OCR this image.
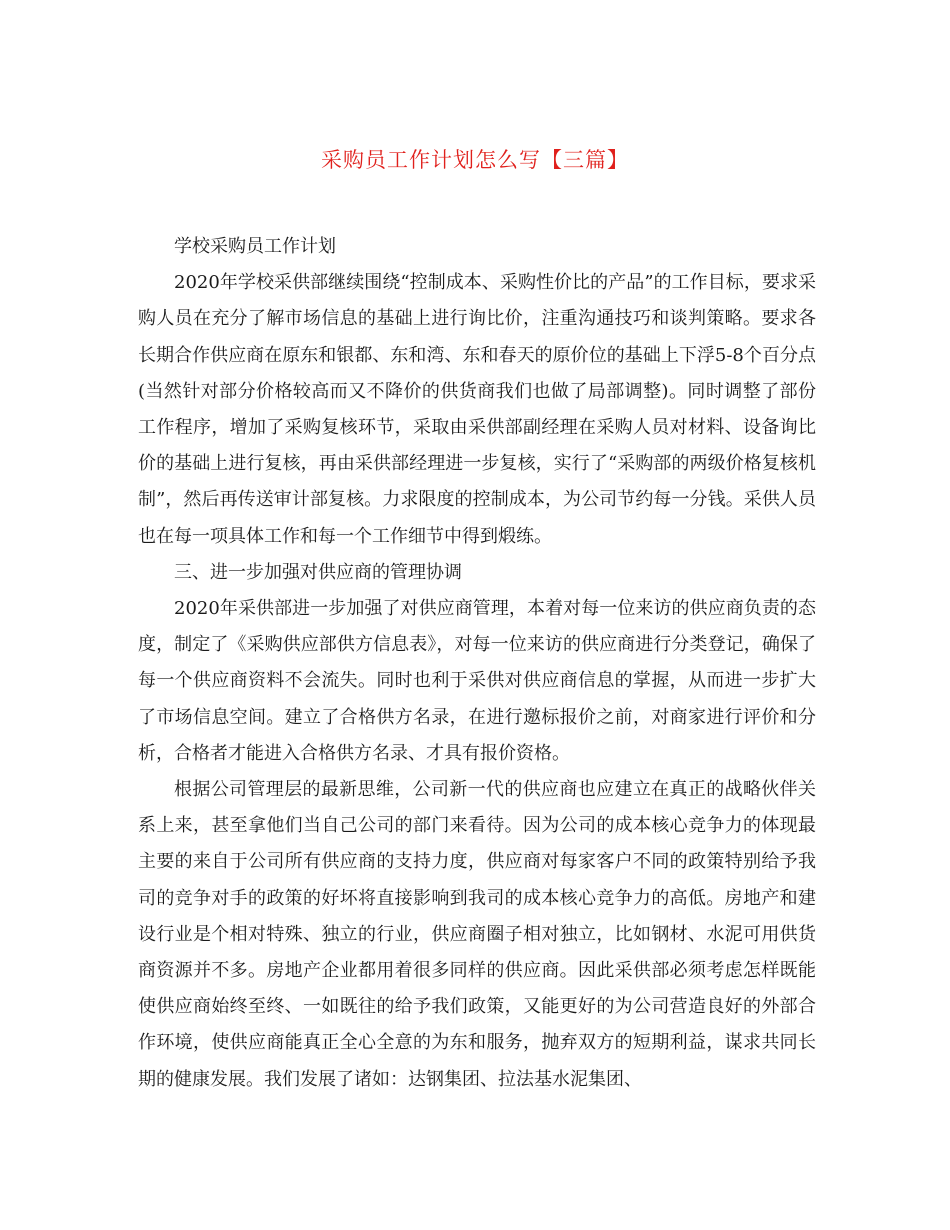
采购员工作计划怎么写【三篇】

学校采购员工作计划

2020年学校采供部继续围绕“控制成本、采购性价比的产品”的工作目标，要求采购人员在充分了解市场信息的基础上进行询比价，注重沟通技巧和谈判策略。要求各长期合作供应商在原东和银都、东和湾、东和春天的原价位的基础上下浮5-8个百分点(当然针对部分价格较高而又不降价的供货商我们也做了局部调整)。同时调整了部份工作程序，增加了采购复核环节，采取由采供部副经理在采购人员对材料、设备询比价的基础上进行复核，再由采供部经理进一步复核，实行了“采购部的两级价格复核机制”，然后再传送审计部复核。力求限度的控制成本，为公司节约每一分钱。采供人员也在每一项具体工作和每一个工作细节中得到煅练。

三、进一步加强对供应商的管理协调

2020年采供部进一步加强了对供应商管理，本着对每一位来访的供应商负责的态度，制定了《采购供应部供方信息表》，对每一位来访的供应商进行分类登记，确保了每一个供应商资料不会流失。同时也利于采供对供应商信息的掌握，从而进一步扩大了市场信息空间。建立了合格供方名录，在进行邀标报价之前，对商家进行评价和分析，合格者才能进入合格供方名录、才具有报价资格。

根据公司管理层的最新思维，公司新一代的供应商也应建立在真正的战略伙伴关系上来，甚至拿他们当自己公司的部门来看待。因为公司的成本核心竞争力的体现最主要的来自于公司所有供应商的支持力度，供应商对每家客户不同的政策特别给予我司的竞争对手的政策的好坏将直接影响到我司的成本核心竞争力的高低。房地产和建设行业是个相对特殊、独立的行业，供应商圈子相对独立，比如钢材、水泥可用供货商资源并不多。房地产企业都用着很多同样的供应商。因此采供部必须考虑怎样既能使供应商始终至终、一如既往的给予我们政策，又能更好的为公司营造良好的外部合作环境，使供应商能真正全心全意的为东和服务，抛弃双方的短期利益，谋求共同长期的健康发展。我们发展了诸如：达钢集团、拉法基水泥集团、
